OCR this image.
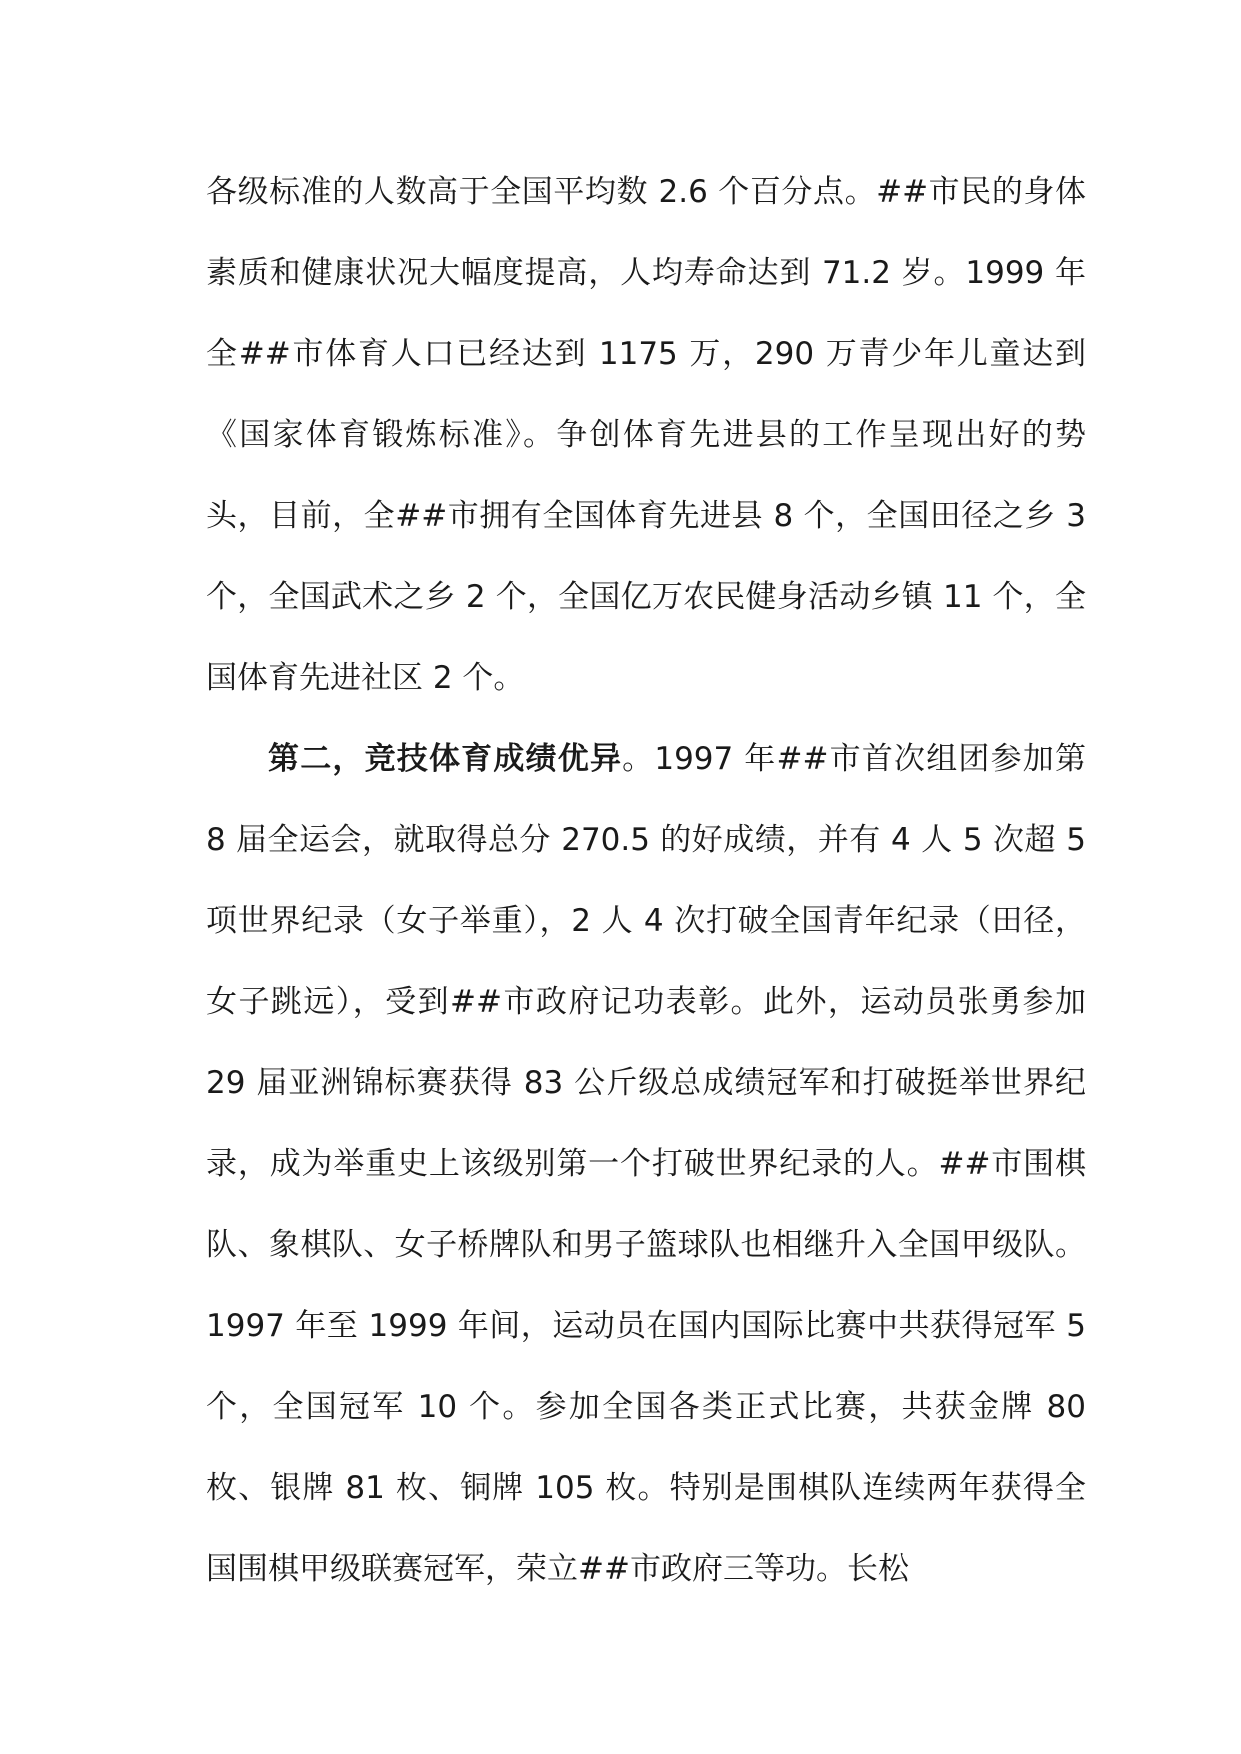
各级标准的人数高于全国平均数 2.6 个百分点。##市民的身体素质和健康状况大幅度提高，人均寿命达到 71.2 岁。1999 年全##市体育人口已经达到 1175 万，290 万青少年儿童达到《国家体育锻炼标准》。争创体育先进县的工作呈现出好的势头，目前，全##市拥有全国体育先进县 8 个，全国田径之乡 3 个，全国武术之乡 2 个，全国亿万农民健身活动乡镇 11 个，全国体育先进社区 2 个。

第二，竞技体育成绩优异。1997 年##市首次组团参加第 8 届全运会，就取得总分 270.5 的好成绩，并有 4 人 5 次超 5 项世界纪录（女子举重），2 人 4 次打破全国青年纪录（田径，女子跳远），受到##市政府记功表彰。此外，运动员张勇参加 29 届亚洲锦标赛获得 83 公斤级总成绩冠军和打破挺举世界纪录，成为举重史上该级别第一个打破世界纪录的人。##市围棋队、象棋队、女子桥牌队和男子篮球队也相继升入全国甲级队。1997 年至 1999 年间，运动员在国内国际比赛中共获得冠军 5 个，全国冠军 10 个。参加全国各类正式比赛，共获金牌 80 枚、银牌 81 枚、铜牌 105 枚。特别是围棋队连续两年获得全国围棋甲级联赛冠军，荣立##市政府三等功。长松
